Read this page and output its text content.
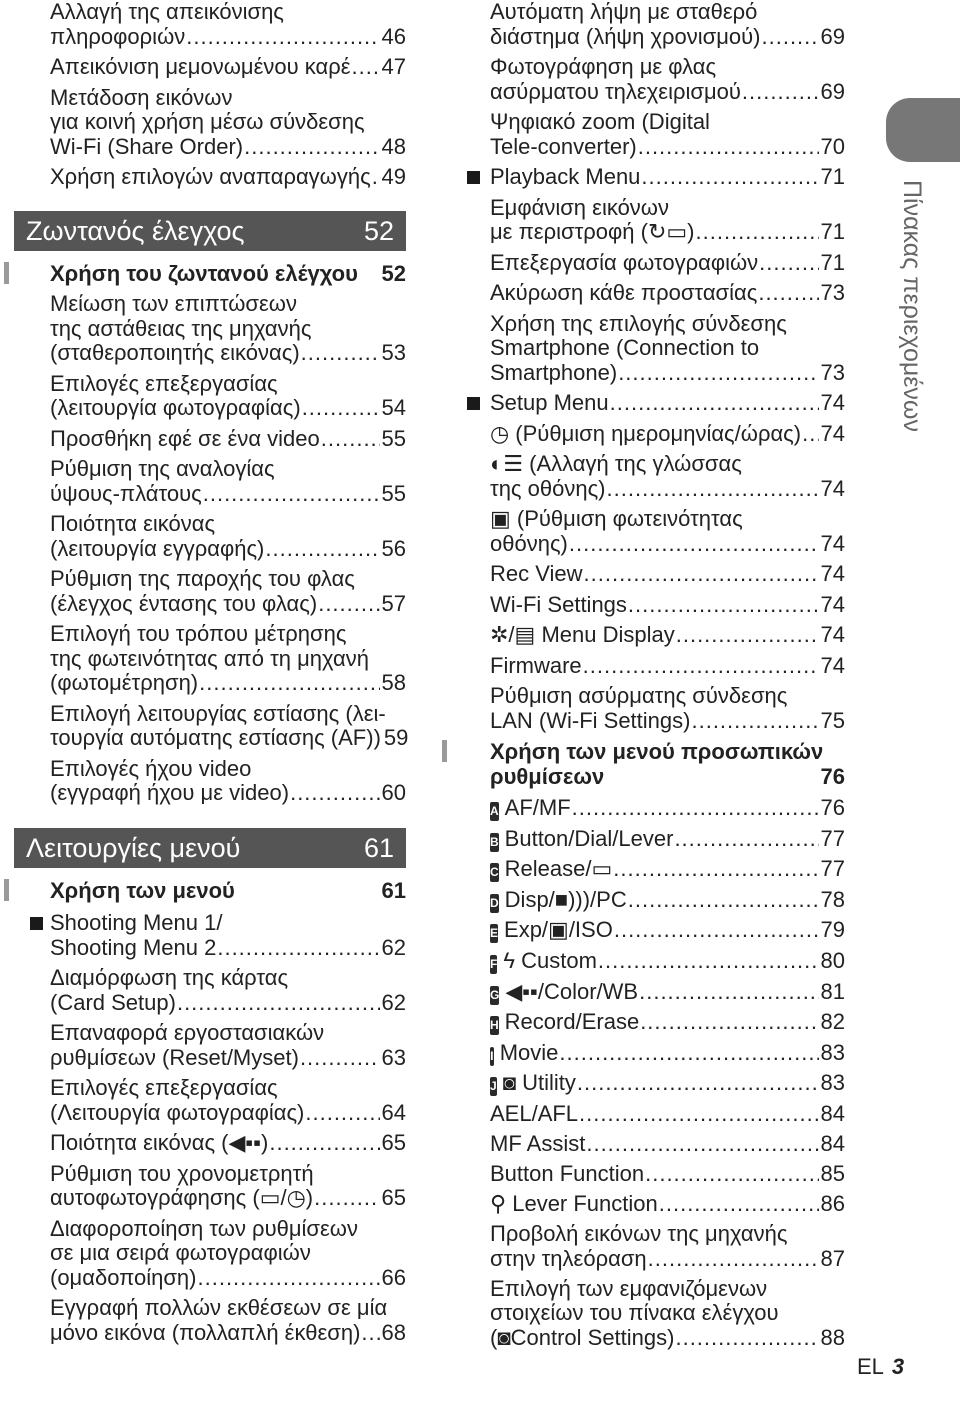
Αλλαγή της απεικόνισης
πληροφοριών .....	46
Απεικόνιση μεμονωμένου καρέ ..... 47
Μετάδοση εικόνων
για κοινή χρήση μέσω σύνδεσης
Wi-Fi (Share Order) .....	48
Χρήση επιλογών αναπαραγωγής ..... 49
Ζωντανός έλεγχος	52
Χρήση του ζωντανού ελέγχου 52
Μείωση των επιπτώσεων
της αστάθειας της μηχανής
(σταθεροποιητής εικόνας) .....	53
Επιλογές επεξεργασίας
(λειτουργία φωτογραφίας) .....	54
Προσθήκη εφέ σε ένα video .....	55
Ρύθμιση της αναλογίας
ύψους-πλάτους .....	55
Ποιότητα εικόνας
(λειτουργία εγγραφής) .....	56
Ρύθμιση της παροχής του φλας
(έλεγχος έντασης του φλας) .....	57
Επιλογή του τρόπου μέτρησης
της φωτεινότητας από τη μηχανή
(φωτομέτρηση) .....	58
Επιλογή λειτουργίας εστίασης (λει-
τουργία αυτόματης εστίασης (AF)) 59
Επιλογές ήχου video
(εγγραφή ήχου με video) .....	60
Λειτουργίες μενού	61
Χρήση των μενού	61
Shooting Menu 1/
Shooting Menu 2 .....	62
Διαμόρφωση της κάρτας
(Card Setup) .....	62
Επαναφορά εργοστασιακών
ρυθμίσεων (Reset/Myset) .....	63
Επιλογές επεξεργασίας
(Λειτουργία φωτογραφίας) .....	64
Ποιότητα εικόνας (◀▪▪) .....	65
Ρύθμιση του χρονομετρητή
αυτοφωτογράφησης (▭/◷) .....	65
Διαφοροποίηση των ρυθμίσεων
σε μια σειρά φωτογραφιών
(ομαδοποίηση) .....	66
Εγγραφή πολλών εκθέσεων σε μία
μόνο εικόνα (πολλαπλή έκθεση) ..... 68
Αυτόματη λήψη με σταθερό
διάστημα (λήψη χρονισμού) .....	69
Φωτογράφηση με φλας
ασύρματου τηλεχειρισμού .....	69
Ψηφιακό zoom (Digital
Tele-converter) .....	70
Playback Menu .....	71
Εμφάνιση εικόνων
με περιστροφή (↻▭) .....	71
Επεξεργασία φωτογραφιών .....	71
Ακύρωση κάθε προστασίας .....	73
Χρήση της επιλογής σύνδεσης
Smartphone (Connection to
Smartphone) .....	73
Setup Menu .....	74
◷ (Ρύθμιση ημερομηνίας/ώρας) ..... 74
◐☰ (Αλλαγή της γλώσσας
της οθόνης) .....	74
▣ (Ρύθμιση φωτεινότητας
οθόνης) .....	74
Rec View .....	74
Wi-Fi Settings .....	74
✲/▤ Menu Display .....	74
Firmware .....	74
Ρύθμιση ασύρματης σύνδεσης
LAN (Wi-Fi Settings) .....	75
Χρήση των μενού προσωπικών
ρυθμίσεων	76
A AF/MF .....	76
B Button/Dial/Lever .....	77
C Release/▭ .....	77
D Disp/■)))/PC .....	78
E Exp/▣/ISO .....	79
F ϟ Custom .....	80
G ◀▪▪/Color/WB .....	81
H Record/Erase .....	82
I Movie .....	83
J ◙ Utility .....	83
AEL/AFL .....	84
MF Assist .....	84
Button Function .....	85
⚲ Lever Function .....	86
Προβολή εικόνων της μηχανής
στην τηλεόραση .....	87
Επιλογή των εμφανιζόμενων
στοιχείων του πίνακα ελέγχου
(◙Control Settings) .....	88
Πίνακας περιεχομένων
EL 3
